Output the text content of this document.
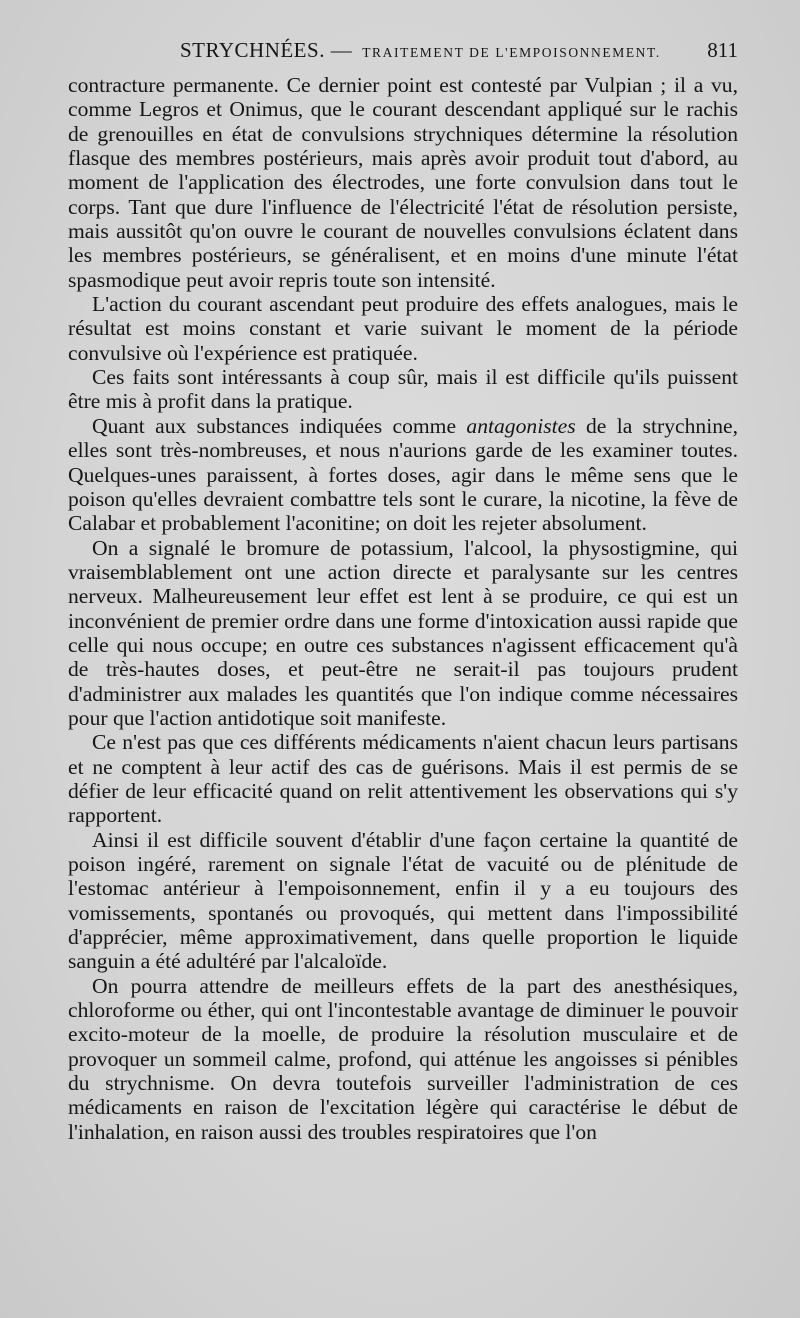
STRYCHNÉES. — TRAITEMENT DE L'EMPOISONNEMENT. 811

contracture permanente. Ce dernier point est contesté par Vulpian ; il a vu, comme Legros et Onimus, que le courant descendant appliqué sur le rachis de grenouilles en état de convulsions strychniques détermine la résolution flasque des membres postérieurs, mais après avoir produit tout d'abord, au moment de l'application des électrodes, une forte convulsion dans tout le corps. Tant que dure l'influence de l'électricité l'état de résolution persiste, mais aussitôt qu'on ouvre le courant de nouvelles convulsions éclatent dans les membres postérieurs, se généralisent, et en moins d'une minute l'état spasmodique peut avoir repris toute son intensité.

L'action du courant ascendant peut produire des effets analogues, mais le résultat est moins constant et varie suivant le moment de la période convulsive où l'expérience est pratiquée.

Ces faits sont intéressants à coup sûr, mais il est difficile qu'ils puissent être mis à profit dans la pratique.

Quant aux substances indiquées comme antagonistes de la strychnine, elles sont très-nombreuses, et nous n'aurions garde de les examiner toutes. Quelques-unes paraissent, à fortes doses, agir dans le même sens que le poison qu'elles devraient combattre tels sont le curare, la nicotine, la fève de Calabar et probablement l'aconitine; on doit les rejeter absolument.

On a signalé le bromure de potassium, l'alcool, la physostigmine, qui vraisemblablement ont une action directe et paralysante sur les centres nerveux. Malheureusement leur effet est lent à se produire, ce qui est un inconvénient de premier ordre dans une forme d'intoxication aussi rapide que celle qui nous occupe; en outre ces substances n'agissent efficacement qu'à de très-hautes doses, et peut-être ne serait-il pas toujours prudent d'administrer aux malades les quantités que l'on indique comme nécessaires pour que l'action antidotique soit manifeste.

Ce n'est pas que ces différents médicaments n'aient chacun leurs partisans et ne comptent à leur actif des cas de guérisons. Mais il est permis de se défier de leur efficacité quand on relit attentivement les observations qui s'y rapportent.

Ainsi il est difficile souvent d'établir d'une façon certaine la quantité de poison ingéré, rarement on signale l'état de vacuité ou de plénitude de l'estomac antérieur à l'empoisonnement, enfin il y a eu toujours des vomissements, spontanés ou provoqués, qui mettent dans l'impossibilité d'apprécier, même approximativement, dans quelle proportion le liquide sanguin a été adultéré par l'alcaloïde.

On pourra attendre de meilleurs effets de la part des anesthésiques, chloroforme ou éther, qui ont l'incontestable avantage de diminuer le pouvoir excito-moteur de la moelle, de produire la résolution musculaire et de provoquer un sommeil calme, profond, qui atténue les angoisses si pénibles du strychnisme. On devra toutefois surveiller l'administration de ces médicaments en raison de l'excitation légère qui caractérise le début de l'inhalation, en raison aussi des troubles respiratoires que l'on
